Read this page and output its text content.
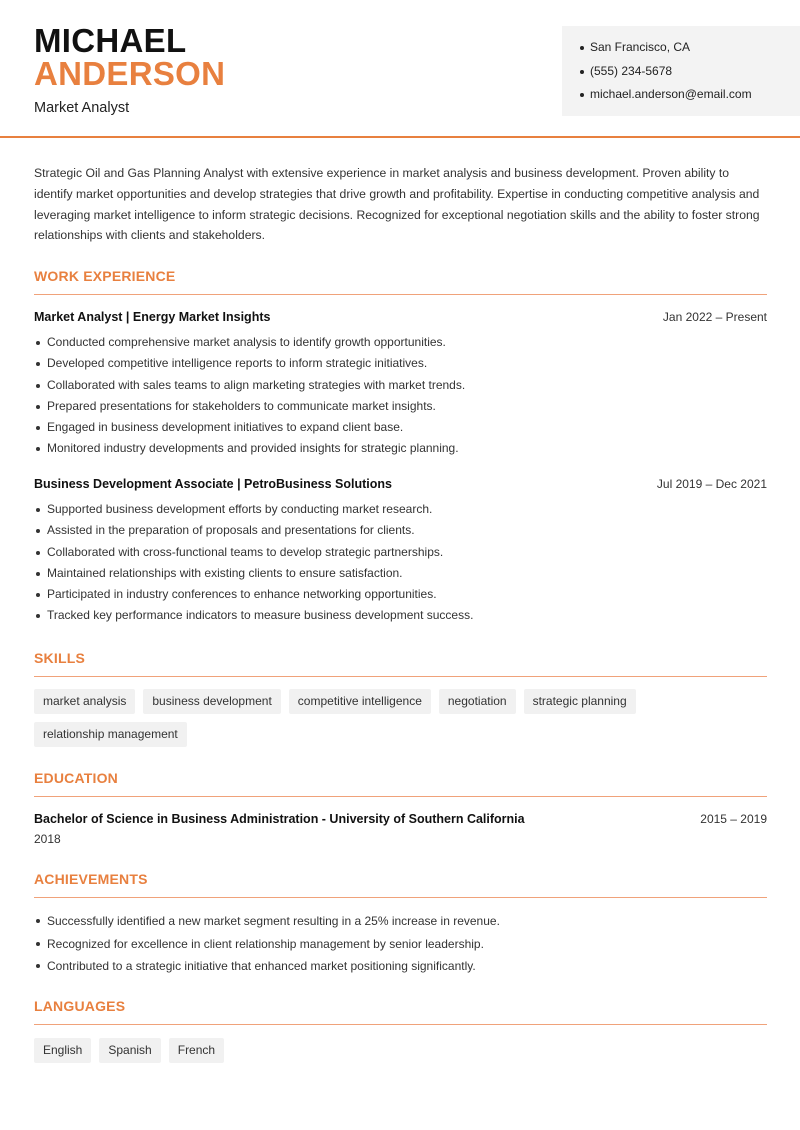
MICHAEL
ANDERSON
Market Analyst
San Francisco, CA
(555) 234-5678
michael.anderson@email.com

Strategic Oil and Gas Planning Analyst with extensive experience in market analysis and business development. Proven ability to identify market opportunities and develop strategies that drive growth and profitability. Expertise in conducting competitive analysis and leveraging market intelligence to inform strategic decisions. Recognized for exceptional negotiation skills and the ability to foster strong relationships with clients and stakeholders.

WORK EXPERIENCE
Market Analyst | Energy Market Insights	Jan 2022 – Present
Conducted comprehensive market analysis to identify growth opportunities.
Developed competitive intelligence reports to inform strategic initiatives.
Collaborated with sales teams to align marketing strategies with market trends.
Prepared presentations for stakeholders to communicate market insights.
Engaged in business development initiatives to expand client base.
Monitored industry developments and provided insights for strategic planning.
Business Development Associate | PetroBusiness Solutions	Jul 2019 – Dec 2021
Supported business development efforts by conducting market research.
Assisted in the preparation of proposals and presentations for clients.
Collaborated with cross-functional teams to develop strategic partnerships.
Maintained relationships with existing clients to ensure satisfaction.
Participated in industry conferences to enhance networking opportunities.
Tracked key performance indicators to measure business development success.
SKILLS
market analysis	business development	competitive intelligence	negotiation	strategic planning
relationship management
EDUCATION
Bachelor of Science in Business Administration - University of Southern California	2015 – 2019
2018
ACHIEVEMENTS
Successfully identified a new market segment resulting in a 25% increase in revenue.
Recognized for excellence in client relationship management by senior leadership.
Contributed to a strategic initiative that enhanced market positioning significantly.
LANGUAGES
English	Spanish	French
